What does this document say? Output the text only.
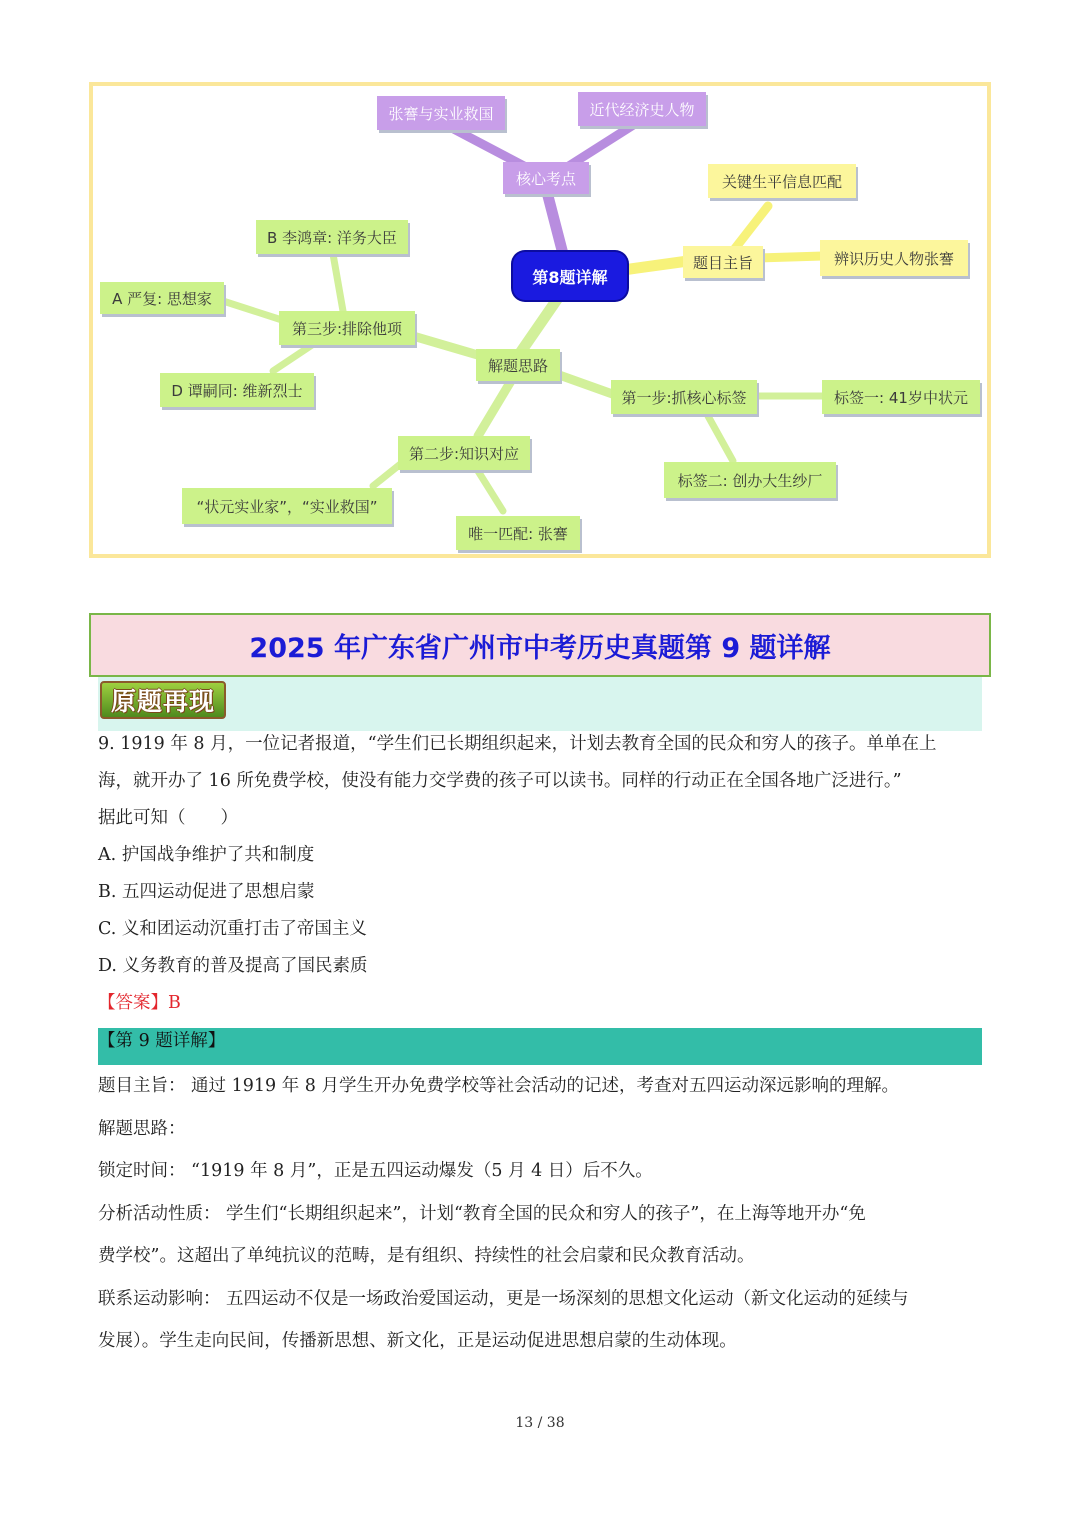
第8题详解
核心考点
张謇与实业救国	近代经济史人物
题目主旨
关键生平信息匹配
辨识历史人物张謇
解题思路
第一步:抓核心标签	标签一: 41岁中状元
标签二: 创办大生纱厂
第二步:知识对应
“状元实业家”，“实业救国”
唯一匹配: 张謇
第三步:排除他项
A 严复: 思想家
B 李鸿章: 洋务大臣
D 谭嗣同: 维新烈士
2025 年广东省广州市中考历史真题第 9 题详解
原题再现
9. 1919 年 8 月，一位记者报道，“学生们已长期组织起来，计划去教育全国的民众和穷人的孩子。单单在上
海，就开办了 16 所免费学校，使没有能力交学费的孩子可以读书。同样的行动正在全国各地广泛进行。”
据此可知（　　）
A. 护国战争维护了共和制度
B. 五四运动促进了思想启蒙
C. 义和团运动沉重打击了帝国主义
D. 义务教育的普及提高了国民素质
【答案】B
【第 9 题详解】
题目主旨： 通过 1919 年 8 月学生开办免费学校等社会活动的记述，考查对五四运动深远影响的理解。
解题思路：
锁定时间： “1919 年 8 月”，正是五四运动爆发（5 月 4 日）后不久。
分析活动性质： 学生们“长期组织起来”，计划“教育全国的民众和穷人的孩子”，在上海等地开办“免
费学校”。这超出了单纯抗议的范畴，是有组织、持续性的社会启蒙和民众教育活动。
联系运动影响： 五四运动不仅是一场政治爱国运动，更是一场深刻的思想文化运动（新文化运动的延续与
发展）。学生走向民间，传播新思想、新文化，正是运动促进思想启蒙的生动体现。
13 / 38
